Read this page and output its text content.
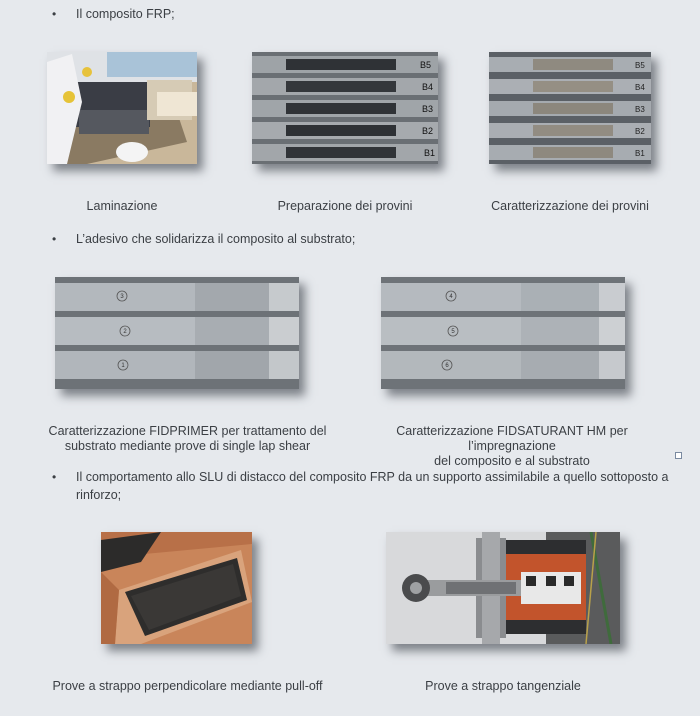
• Il composito FRP;
Laminazione
B5
B4
B3
B2
B1
Preparazione dei provini
B5
B4
B3
B2
B1
Caratterizzazione dei provini
• L’adesivo che solidarizza il composito al substrato;
3
2
1
Caratterizzazione FIDPRIMER per trattamento del
substrato mediante prove di single lap shear
4
5
6
Caratterizzazione FIDSATURANT HM per l’impregnazione
del composito e al substrato
• Il comportamento allo SLU di distacco del composito FRP da un supporto assimilabile a quello sottoposto a rinforzo;
Prove a strappo perpendicolare mediante pull-off	Prove a strappo tangenziale
